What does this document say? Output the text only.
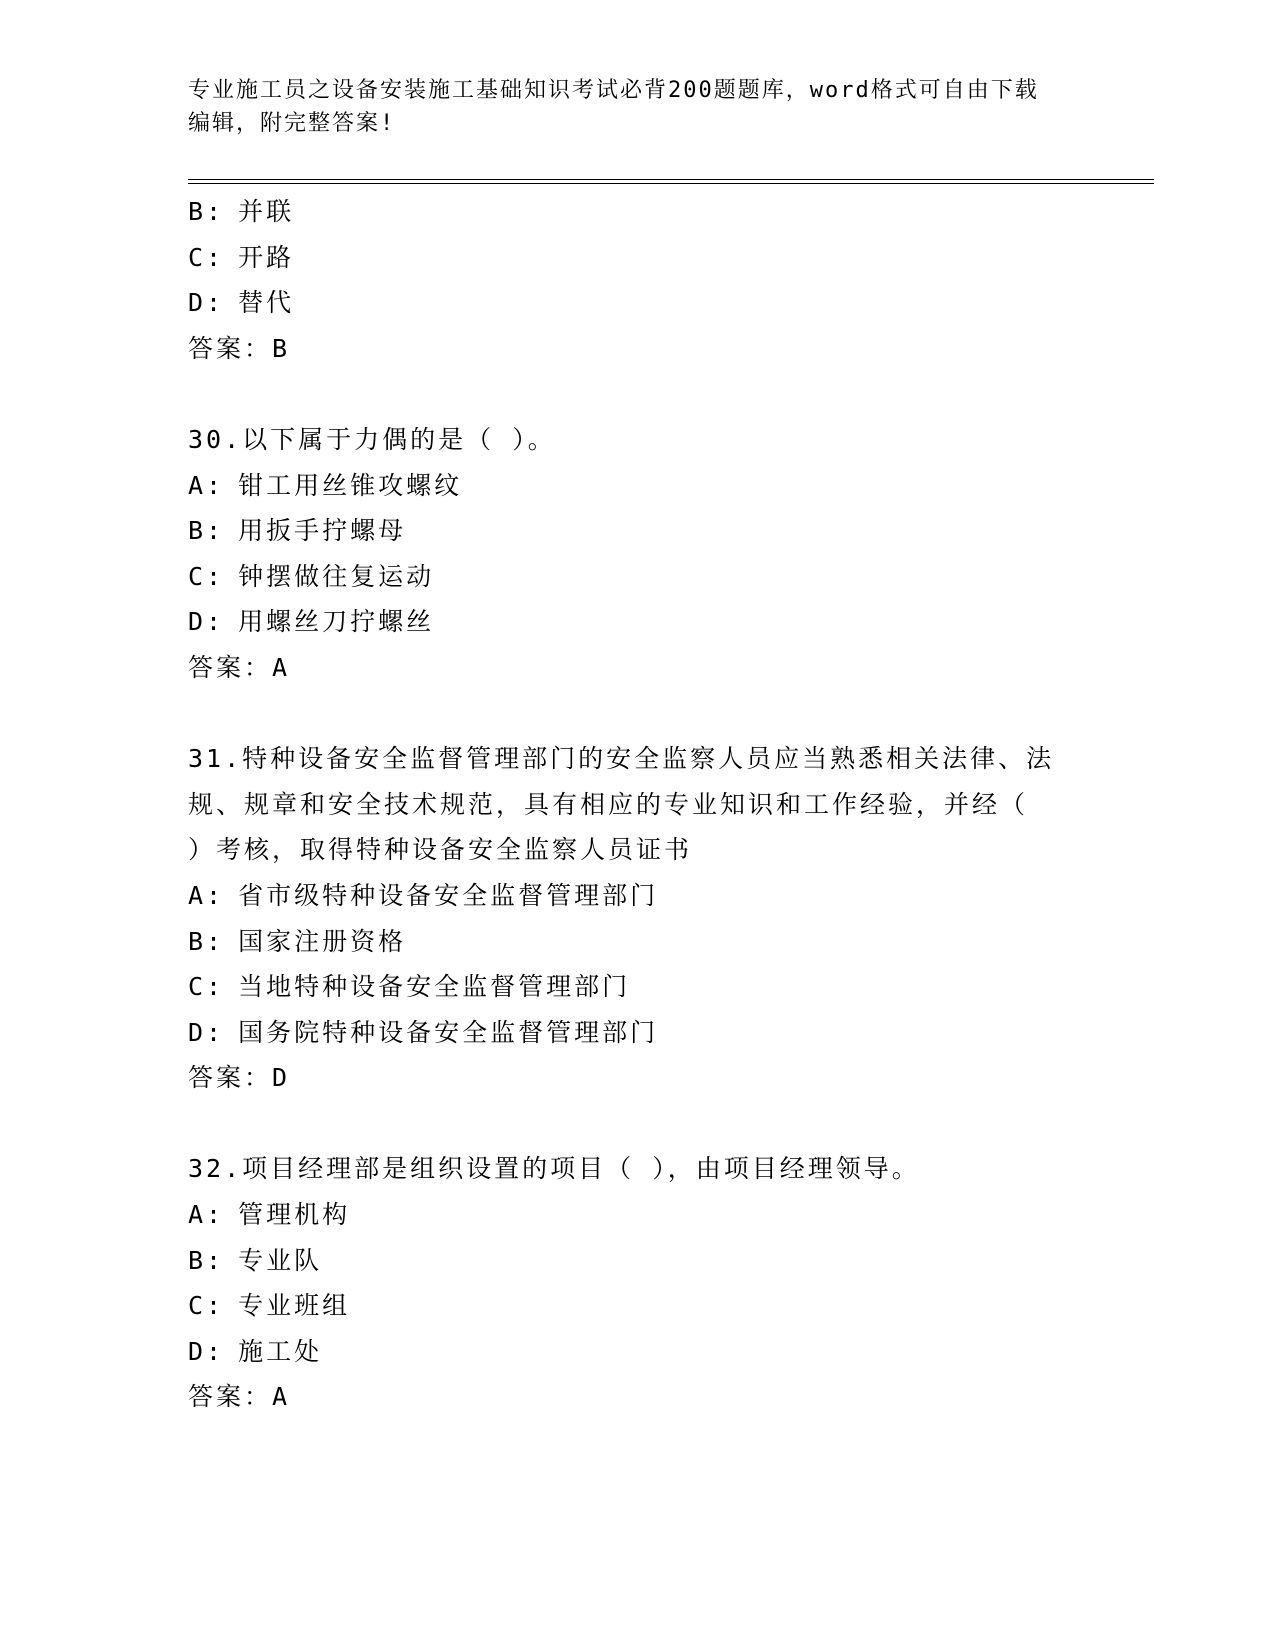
专业施工员之设备安装施工基础知识考试必背200题题库，word格式可自由下载
编辑，附完整答案!
B: 并联
C: 开路
D: 替代
答案：B
30.以下属于力偶的是（ ）。
A: 钳工用丝锥攻螺纹
B: 用扳手拧螺母
C: 钟摆做往复运动
D: 用螺丝刀拧螺丝
答案：A
31.特种设备安全监督管理部门的安全监察人员应当熟悉相关法律、法
规、规章和安全技术规范，具有相应的专业知识和工作经验，并经（
）考核，取得特种设备安全监察人员证书
A: 省市级特种设备安全监督管理部门
B: 国家注册资格
C: 当地特种设备安全监督管理部门
D: 国务院特种设备安全监督管理部门
答案：D
32.项目经理部是组织设置的项目（ ），由项目经理领导。
A: 管理机构
B: 专业队
C: 专业班组
D: 施工处
答案：A
